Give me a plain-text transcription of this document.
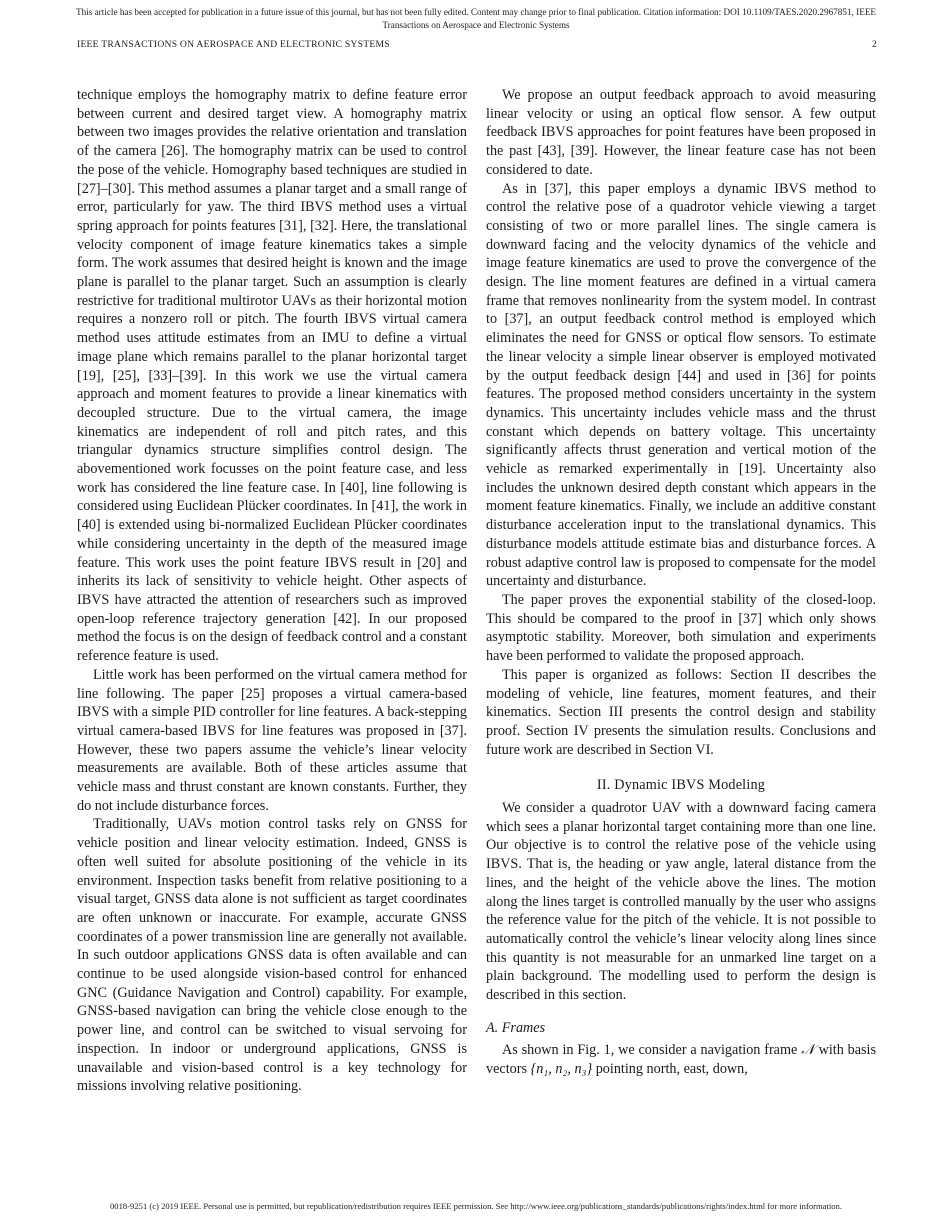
This article has been accepted for publication in a future issue of this journal, but has not been fully edited. Content may change prior to final publication. Citation information: DOI 10.1109/TAES.2020.2967851, IEEE
Transactions on Aerospace and Electronic Systems
IEEE TRANSACTIONS ON AEROSPACE AND ELECTRONIC SYSTEMS	2

technique employs the homography matrix to define feature error between current and desired target view. A homography matrix between two images provides the relative orientation and translation of the camera [26]. The homography matrix can be used to control the pose of the vehicle. Homography based techniques are studied in [27]–[30]. This method assumes a planar target and a small range of error, particularly for yaw. The third IBVS method uses a virtual spring approach for points features [31], [32]. Here, the translational velocity component of image feature kinematics takes a simple form. The work assumes that desired height is known and the image plane is parallel to the planar target. Such an assumption is clearly restrictive for traditional multirotor UAVs as their horizontal motion requires a nonzero roll or pitch. The fourth IBVS virtual camera method uses attitude estimates from an IMU to define a virtual image plane which remains parallel to the planar horizontal target [19], [25], [33]–[39]. In this work we use the virtual camera approach and moment features to provide a linear kinematics with decoupled structure. Due to the virtual camera, the image kinematics are independent of roll and pitch rates, and this triangular dynamics structure simplifies control design. The abovementioned work focusses on the point feature case, and less work has considered the line feature case. In [40], line following is considered using Euclidean Plücker coordinates. In [41], the work in [40] is extended using bi-normalized Euclidean Plücker coordinates while considering uncertainty in the depth of the measured image feature. This work uses the point feature IBVS result in [20] and inherits its lack of sensitivity to vehicle height. Other aspects of IBVS have attracted the attention of researchers such as improved open-loop reference trajectory generation [42]. In our proposed method the focus is on the design of feedback control and a constant reference feature is used.

Little work has been performed on the virtual camera method for line following. The paper [25] proposes a virtual camera-based IBVS with a simple PID controller for line features. A back-stepping virtual camera-based IBVS for line features was proposed in [37]. However, these two papers assume the vehicle’s linear velocity measurements are available. Both of these articles assume that vehicle mass and thrust constant are known constants. Further, they do not include disturbance forces.

Traditionally, UAVs motion control tasks rely on GNSS for vehicle position and linear velocity estimation. Indeed, GNSS is often well suited for absolute positioning of the vehicle in its environment. Inspection tasks benefit from relative positioning to a visual target, GNSS data alone is not sufficient as target coordinates are often unknown or inaccurate. For example, accurate GNSS coordinates of a power transmission line are generally not available. In such outdoor applications GNSS data is often available and can continue to be used alongside vision-based control for enhanced GNC (Guidance Navigation and Control) capability. For example, GNSS-based navigation can bring the vehicle close enough to the power line, and control can be switched to visual servoing for inspection. In indoor or underground applications, GNSS is unavailable and vision-based control is a key technology for missions involving relative positioning.

We propose an output feedback approach to avoid measuring linear velocity or using an optical flow sensor. A few output feedback IBVS approaches for point features have been proposed in the past [43], [39]. However, the linear feature case has not been considered to date.

As in [37], this paper employs a dynamic IBVS method to control the relative pose of a quadrotor vehicle viewing a target consisting of two or more parallel lines. The single camera is downward facing and the velocity dynamics of the vehicle and image feature kinematics are used to prove the convergence of the design. The line moment features are defined in a virtual camera frame that removes nonlinearity from the system model. In contrast to [37], an output feedback control method is employed which eliminates the need for GNSS or optical flow sensors. To estimate the linear velocity a simple linear observer is employed motivated by the output feedback design [44] and used in [36] for points features. The proposed method considers uncertainty in the system dynamics. This uncertainty includes vehicle mass and the thrust constant which depends on battery voltage. This uncertainty significantly affects thrust generation and vertical motion of the vehicle as remarked experimentally in [19]. Uncertainty also includes the unknown desired depth constant which appears in the moment feature kinematics. Finally, we include an additive constant disturbance acceleration input to the translational dynamics. This disturbance models attitude estimate bias and disturbance forces. A robust adaptive control law is proposed to compensate for the model uncertainty and disturbance.

The paper proves the exponential stability of the closed-loop. This should be compared to the proof in [37] which only shows asymptotic stability. Moreover, both simulation and experiments have been performed to validate the proposed approach.

This paper is organized as follows: Section II describes the modeling of vehicle, line features, moment features, and their kinematics. Section III presents the control design and stability proof. Section IV presents the simulation results. Conclusions and future work are described in Section VI.

II. Dynamic IBVS Modeling

We consider a quadrotor UAV with a downward facing camera which sees a planar horizontal target containing more than one line. Our objective is to control the relative pose of the vehicle using IBVS. That is, the heading or yaw angle, lateral distance from the lines, and the height of the vehicle above the lines. The motion along the lines target is controlled manually by the user who assigns the reference value for the pitch of the vehicle. It is not possible to automatically control the vehicle’s linear velocity along lines since this quantity is not measurable for an unmarked line target on a plain background. The modelling used to perform the design is described in this section.

A. Frames

As shown in Fig. 1, we consider a navigation frame 𝒩 with basis vectors {n₁, n₂, n₃} pointing north, east, down,

0018-9251 (c) 2019 IEEE. Personal use is permitted, but republication/redistribution requires IEEE permission. See http://www.ieee.org/publications_standards/publications/rights/index.html for more information.
